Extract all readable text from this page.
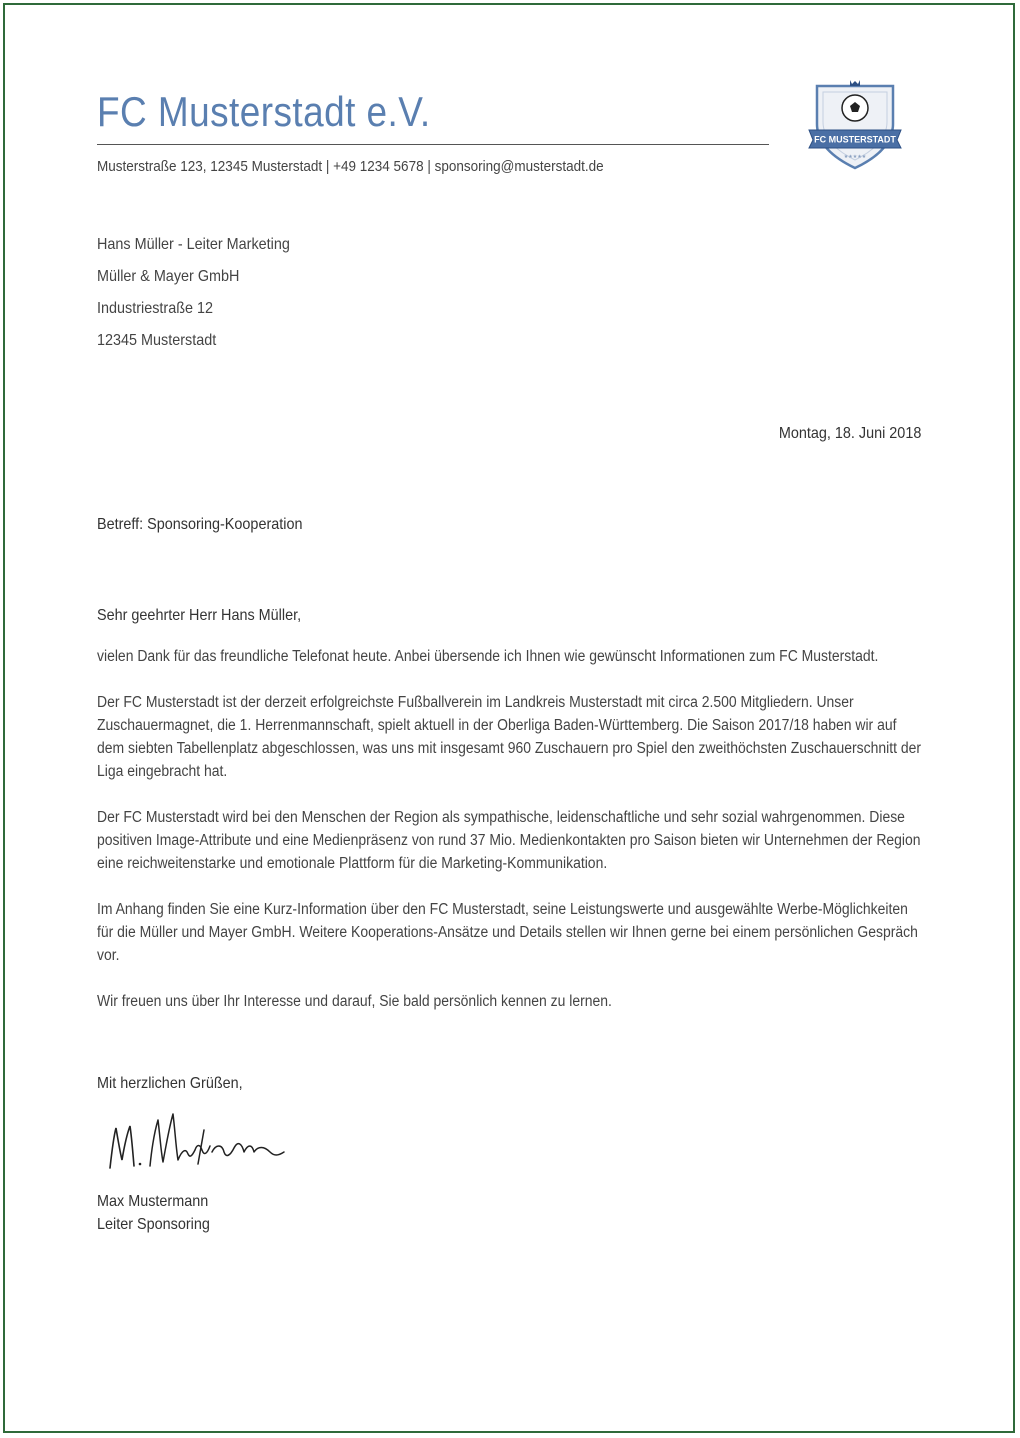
FC Musterstadt e.V.
Musterstraße 123, 12345 Musterstadt | +49 1234 5678 | sponsoring@musterstadt.de
FC MUSTERSTADT
★★★★★
Hans Müller - Leiter Marketing
Müller & Mayer GmbH
Industriestraße 12
12345 Musterstadt
Montag, 18. Juni 2018
Betreff: Sponsoring-Kooperation
Sehr geehrter Herr Hans Müller,

vielen Dank für das freundliche Telefonat heute. Anbei übersende ich Ihnen wie gewünscht Informationen zum FC Musterstadt.

Der FC Musterstadt ist der derzeit erfolgreichste Fußballverein im Landkreis Musterstadt mit circa 2.500 Mitgliedern. Unser Zuschauermagnet, die 1. Herrenmannschaft, spielt aktuell in der Oberliga Baden-Württemberg. Die Saison 2017/18 haben wir auf dem siebten Tabellenplatz abgeschlossen, was uns mit insgesamt 960 Zuschauern pro Spiel den zweithöchsten Zuschauerschnitt der Liga eingebracht hat.

Der FC Musterstadt wird bei den Menschen der Region als sympathische, leidenschaftliche und sehr sozial wahrgenommen. Diese positiven Image-Attribute und eine Medienpräsenz von rund 37 Mio. Medienkontakten pro Saison bieten wir Unternehmen der Region eine reichweitenstarke und emotionale Plattform für die Marketing-Kommunikation.

Im Anhang finden Sie eine Kurz-Information über den FC Musterstadt, seine Leistungswerte und ausgewählte Werbe-Möglichkeiten für die Müller und Mayer GmbH. Weitere Kooperations-Ansätze und Details stellen wir Ihnen gerne bei einem persönlichen Gespräch vor.

Wir freuen uns über Ihr Interesse und darauf, Sie bald persönlich kennen zu lernen.

Mit herzlichen Grüßen,
Max Mustermann
Leiter Sponsoring
